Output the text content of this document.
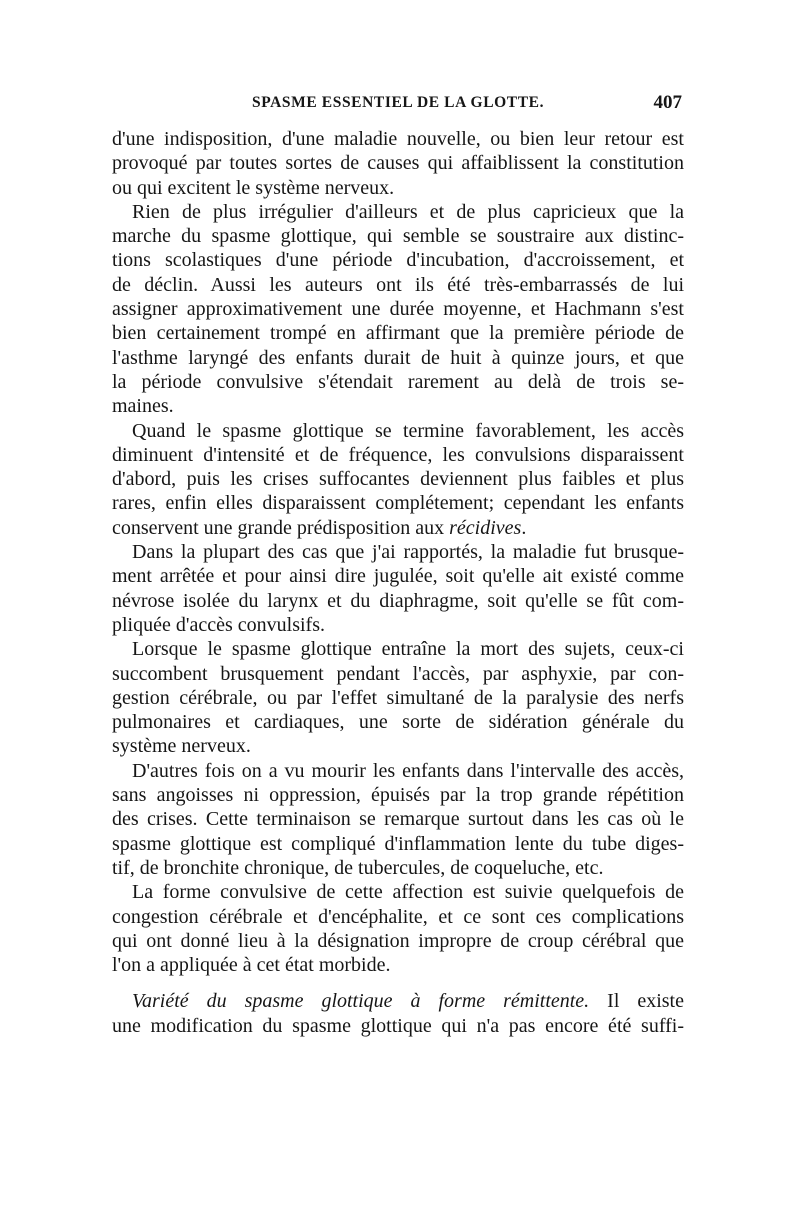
SPASME ESSENTIEL DE LA GLOTTE.	407
d'une indisposition, d'une maladie nouvelle, ou bien leur retour est
provoqué par toutes sortes de causes qui affaiblissent la constitution
ou qui excitent le système nerveux.
Rien de plus irrégulier d'ailleurs et de plus capricieux que la
marche du spasme glottique, qui semble se soustraire aux distinc-
tions scolastiques d'une période d'incubation, d'accroissement, et
de déclin. Aussi les auteurs ont ils été très-embarrassés de lui
assigner approximativement une durée moyenne, et Hachmann s'est
bien certainement trompé en affirmant que la première période de
l'asthme laryngé des enfants durait de huit à quinze jours, et que
la période convulsive s'étendait rarement au delà de trois se-
maines.
Quand le spasme glottique se termine favorablement, les accès
diminuent d'intensité et de fréquence, les convulsions disparaissent
d'abord, puis les crises suffocantes deviennent plus faibles et plus
rares, enfin elles disparaissent complétement; cependant les enfants
conservent une grande prédisposition aux récidives.
Dans la plupart des cas que j'ai rapportés, la maladie fut brusque-
ment arrêtée et pour ainsi dire jugulée, soit qu'elle ait existé comme
névrose isolée du larynx et du diaphragme, soit qu'elle se fût com-
pliquée d'accès convulsifs.
Lorsque le spasme glottique entraîne la mort des sujets, ceux-ci
succombent brusquement pendant l'accès, par asphyxie, par con-
gestion cérébrale, ou par l'effet simultané de la paralysie des nerfs
pulmonaires et cardiaques, une sorte de sidération générale du
système nerveux.
D'autres fois on a vu mourir les enfants dans l'intervalle des accès,
sans angoisses ni oppression, épuisés par la trop grande répétition
des crises. Cette terminaison se remarque surtout dans les cas où le
spasme glottique est compliqué d'inflammation lente du tube diges-
tif, de bronchite chronique, de tubercules, de coqueluche, etc.
La forme convulsive de cette affection est suivie quelquefois de
congestion cérébrale et d'encéphalite, et ce sont ces complications
qui ont donné lieu à la désignation impropre de croup cérébral que
l'on a appliquée à cet état morbide.
Variété du spasme glottique à forme rémittente. Il existe
une modification du spasme glottique qui n'a pas encore été suffi-
